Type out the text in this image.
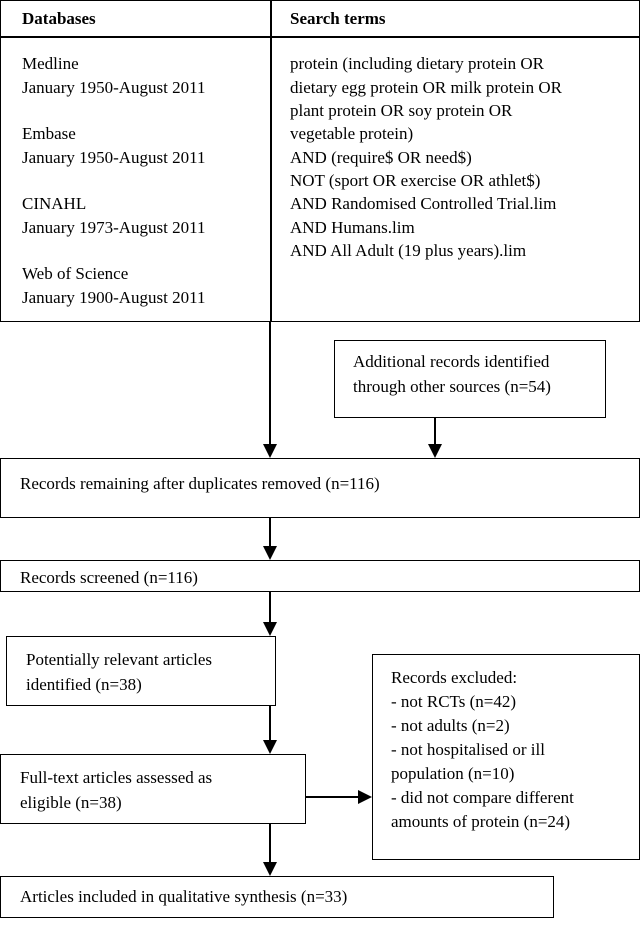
Databases	Search terms
Medline
January 1950-August 2011
Embase
January 1950-August 2011
CINAHL
January 1973-August 2011
Web of Science
January 1900-August 2011
protein (including dietary protein OR
dietary egg protein OR milk protein OR
plant protein OR soy protein OR
vegetable protein)
AND (require$ OR need$)
NOT (sport OR exercise OR athlet$)
AND Randomised Controlled Trial.lim
AND Humans.lim
AND All Adult (19 plus years).lim
Additional records identified
through other sources (n=54)
Records remaining after duplicates removed (n=116)
Records screened (n=116)
Potentially relevant articles
identified (n=38)	Records excluded:
- not RCTs (n=42)
- not adults (n=2)
- not hospitalised or ill
population (n=10)
- did not compare different
amounts of protein (n=24)
Full-text articles assessed as
eligible (n=38)
Articles included in qualitative synthesis (n=33)
